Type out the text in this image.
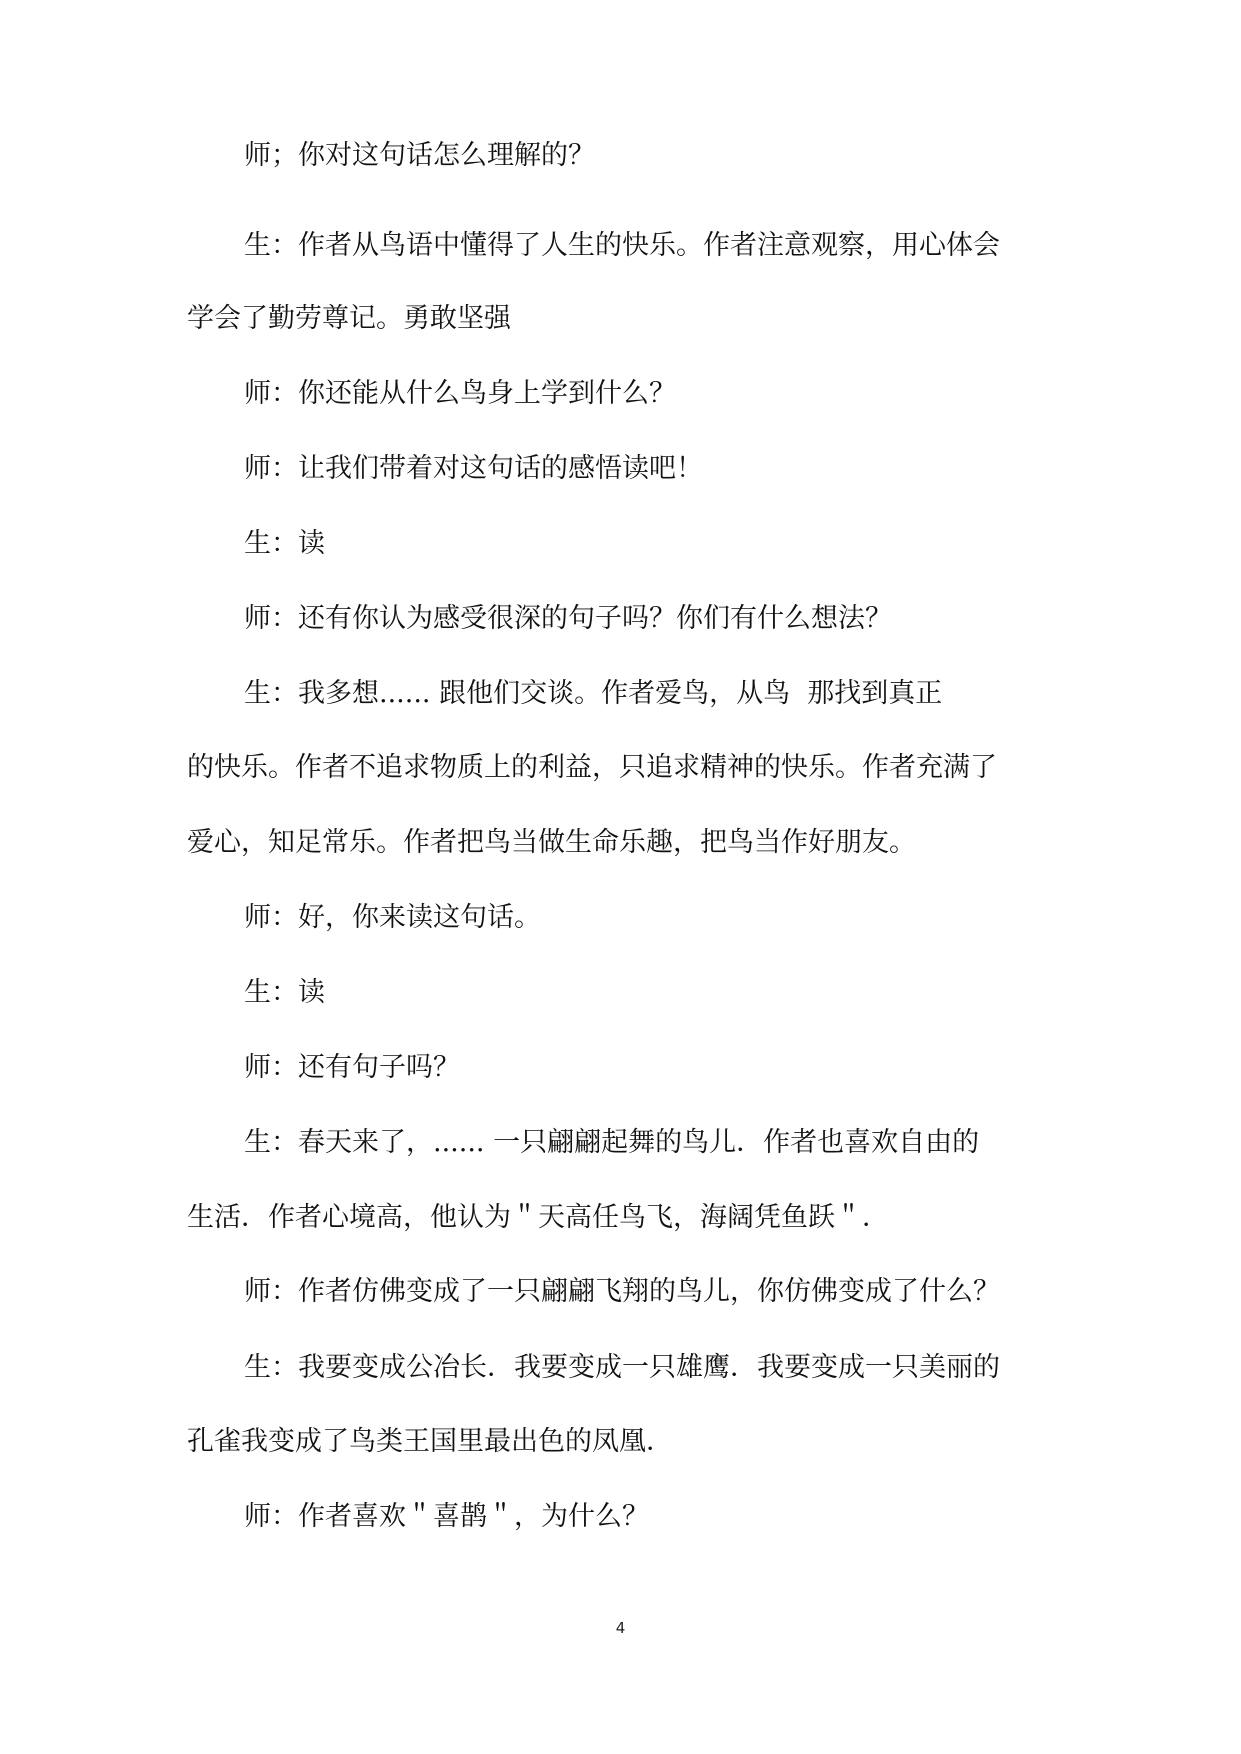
师；你对这句话怎么理解的？
生：作者从鸟语中懂得了人生的快乐。作者注意观察，用心体会
学会了勤劳尊记。勇敢坚强
师：你还能从什么鸟身上学到什么？
师：让我们带着对这句话的感悟读吧！
生：读
师：还有你认为感受很深的句子吗？你们有什么想法？
生：我多想...... 跟他们交谈。作者爱鸟，从鸟  那找到真正
的快乐。作者不追求物质上的利益，只追求精神的快乐。作者充满了
爱心，知足常乐。作者把鸟当做生命乐趣，把鸟当作好朋友。
师：好，你来读这句话。
生：读
师：还有句子吗？
生：春天来了，...... 一只翩翩起舞的鸟儿．作者也喜欢自由的
生活．作者心境高，他认为＂天高任鸟飞，海阔凭鱼跃＂．
师：作者仿佛变成了一只翩翩飞翔的鸟儿，你仿佛变成了什么？
生：我要变成公冶长．我要变成一只雄鹰．我要变成一只美丽的
孔雀我变成了鸟类王国里最出色的凤凰．
师：作者喜欢＂喜鹊＂，为什么？
4
